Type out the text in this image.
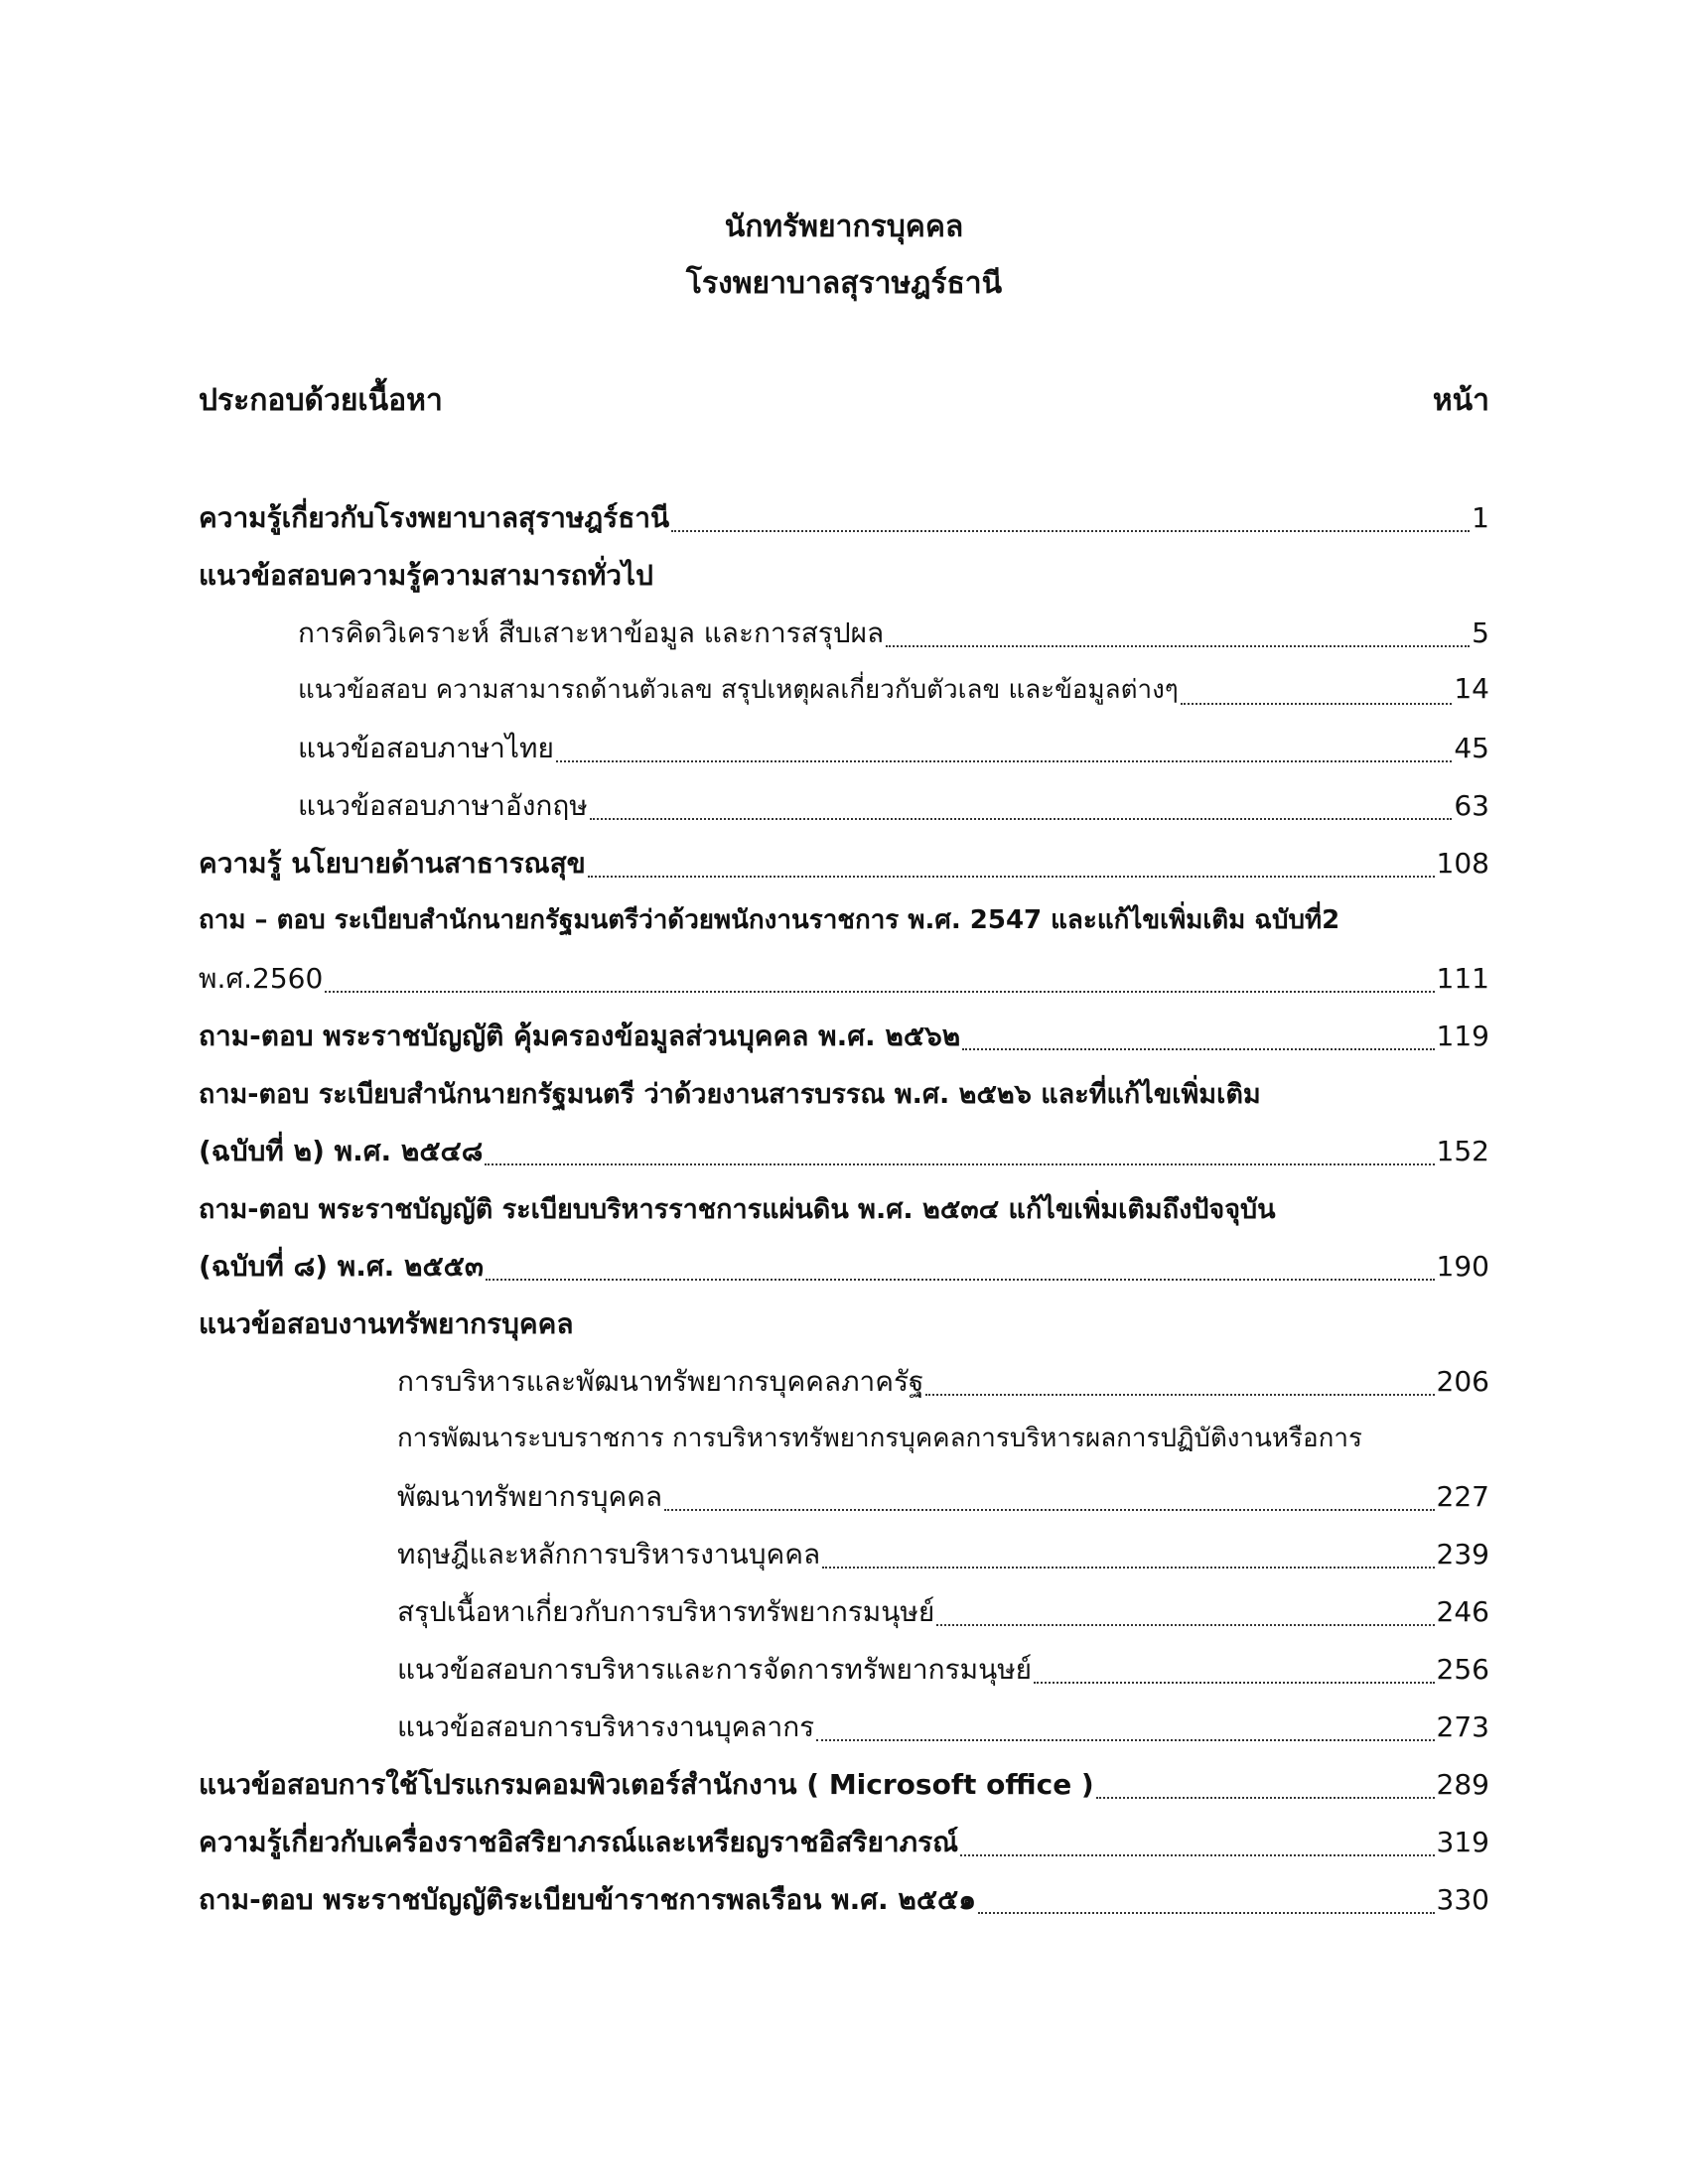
นักทรัพยากรบุคคล
โรงพยาบาลสุราษฎร์ธานี
ประกอบด้วยเนื้อหา	หน้า
ความรู้เกี่ยวกับโรงพยาบาลสุราษฎร์ธานี	1
แนวข้อสอบความรู้ความสามารถทั่วไป
การคิดวิเคราะห์ สืบเสาะหาข้อมูล และการสรุปผล	5
แนวข้อสอบ ความสามารถด้านตัวเลข สรุปเหตุผลเกี่ยวกับตัวเลข และข้อมูลต่างๆ	14
แนวข้อสอบภาษาไทย	45
แนวข้อสอบภาษาอังกฤษ	63
ความรู้ นโยบายด้านสาธารณสุข	108
ถาม – ตอบ ระเบียบสำนักนายกรัฐมนตรีว่าด้วยพนักงานราชการ พ.ศ. 2547 และแก้ไขเพิ่มเติม ฉบับที่2
พ.ศ.2560	111
ถาม-ตอบ พระราชบัญญัติ คุ้มครองข้อมูลส่วนบุคคล พ.ศ. ๒๕๖๒	119
ถาม-ตอบ ระเบียบสำนักนายกรัฐมนตรี ว่าด้วยงานสารบรรณ พ.ศ. ๒๕๒๖ และที่แก้ไขเพิ่มเติม
(ฉบับที่ ๒) พ.ศ. ๒๕๔๘	152
ถาม-ตอบ พระราชบัญญัติ ระเบียบบริหารราชการแผ่นดิน พ.ศ. ๒๕๓๔ แก้ไขเพิ่มเติมถึงปัจจุบัน
(ฉบับที่ ๘) พ.ศ. ๒๕๕๓	190
แนวข้อสอบงานทรัพยากรบุคคล
การบริหารและพัฒนาทรัพยากรบุคคลภาครัฐ	206
การพัฒนาระบบราชการ การบริหารทรัพยากรบุคคลการบริหารผลการปฏิบัติงานหรือการ
พัฒนาทรัพยากรบุคคล	227
ทฤษฎีและหลักการบริหารงานบุคคล	239
สรุปเนื้อหาเกี่ยวกับการบริหารทรัพยากรมนุษย์	246
แนวข้อสอบการบริหารและการจัดการทรัพยากรมนุษย์	256
แนวข้อสอบการบริหารงานบุคลากร	273
แนวข้อสอบการใช้โปรแกรมคอมพิวเตอร์สำนักงาน ( Microsoft office )	289
ความรู้เกี่ยวกับเครื่องราชอิสริยาภรณ์และเหรียญราชอิสริยาภรณ์	319
ถาม-ตอบ พระราชบัญญัติระเบียบข้าราชการพลเรือน พ.ศ. ๒๕๕๑	330
